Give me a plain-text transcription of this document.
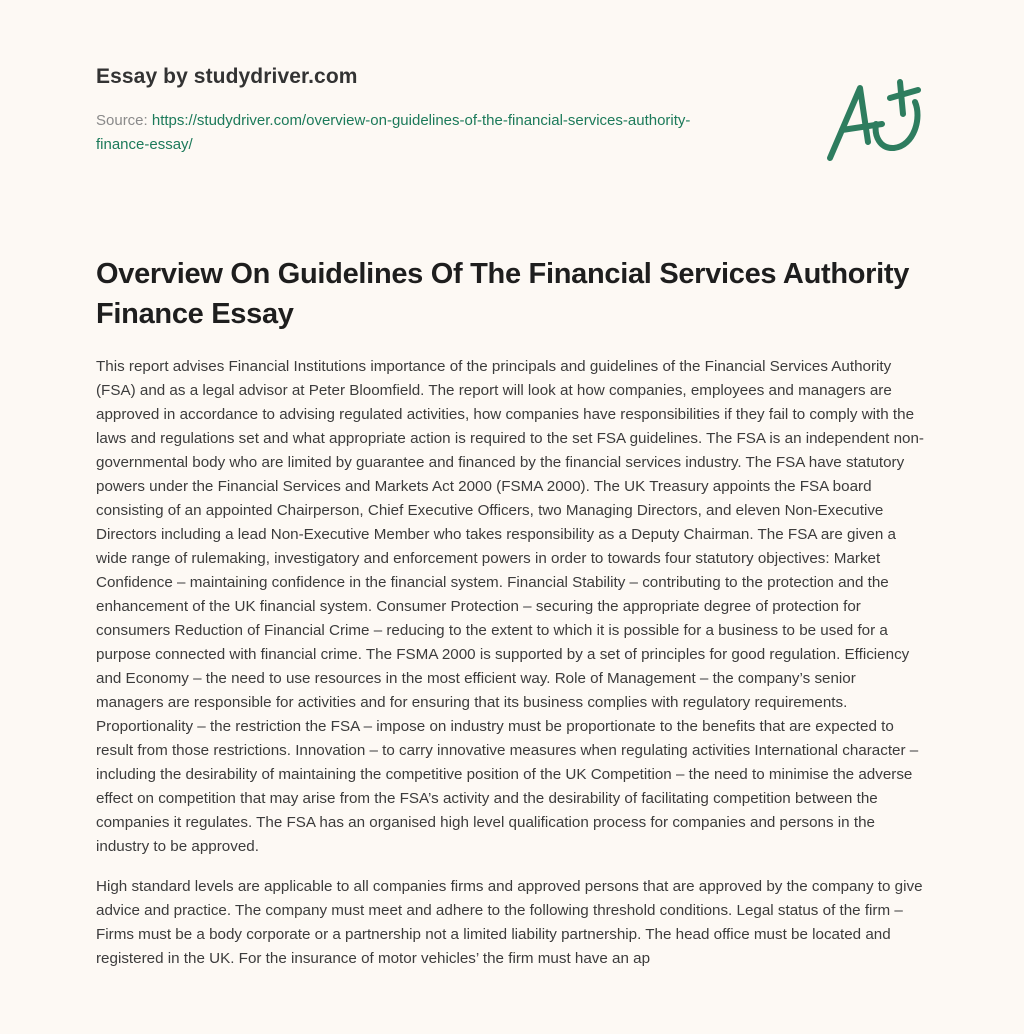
Essay by studydriver.com
Source: https://studydriver.com/overview-on-guidelines-of-the-financial-services-authority-finance-essay/
Overview On Guidelines Of The Financial Services Authority Finance Essay

This report advises Financial Institutions importance of the principals and guidelines of the Financial Services Authority (FSA) and as a legal advisor at Peter Bloomfield. The report will look at how companies, employees and managers are approved in accordance to advising regulated activities, how companies have responsibilities if they fail to comply with the laws and regulations set and what appropriate action is required to the set FSA guidelines. The FSA is an independent non-governmental body who are limited by guarantee and financed by the financial services industry. The FSA have statutory powers under the Financial Services and Markets Act 2000 (FSMA 2000). The UK Treasury appoints the FSA board consisting of an appointed Chairperson, Chief Executive Officers, two Managing Directors, and eleven Non-Executive Directors including a lead Non-Executive Member who takes responsibility as a Deputy Chairman. The FSA are given a wide range of rulemaking, investigatory and enforcement powers in order to towards four statutory objectives: Market Confidence – maintaining confidence in the financial system. Financial Stability – contributing to the protection and the enhancement of the UK financial system. Consumer Protection – securing the appropriate degree of protection for consumers Reduction of Financial Crime – reducing to the extent to which it is possible for a business to be used for a purpose connected with financial crime. The FSMA 2000 is supported by a set of principles for good regulation. Efficiency and Economy – the need to use resources in the most efficient way. Role of Management – the company’s senior managers are responsible for activities and for ensuring that its business complies with regulatory requirements. Proportionality – the restriction the FSA – impose on industry must be proportionate to the benefits that are expected to result from those restrictions. Innovation – to carry innovative measures when regulating activities International character – including the desirability of maintaining the competitive position of the UK Competition – the need to minimise the adverse effect on competition that may arise from the FSA’s activity and the desirability of facilitating competition between the companies it regulates. The FSA has an organised high level qualification process for companies and persons in the industry to be approved.

High standard levels are applicable to all companies firms and approved persons that are approved by the company to give advice and practice. The company must meet and adhere to the following threshold conditions. Legal status of the firm – Firms must be a body corporate or a partnership not a limited liability partnership. The head office must be located and registered in the UK. For the insurance of motor vehicles’ the firm must have an ap
